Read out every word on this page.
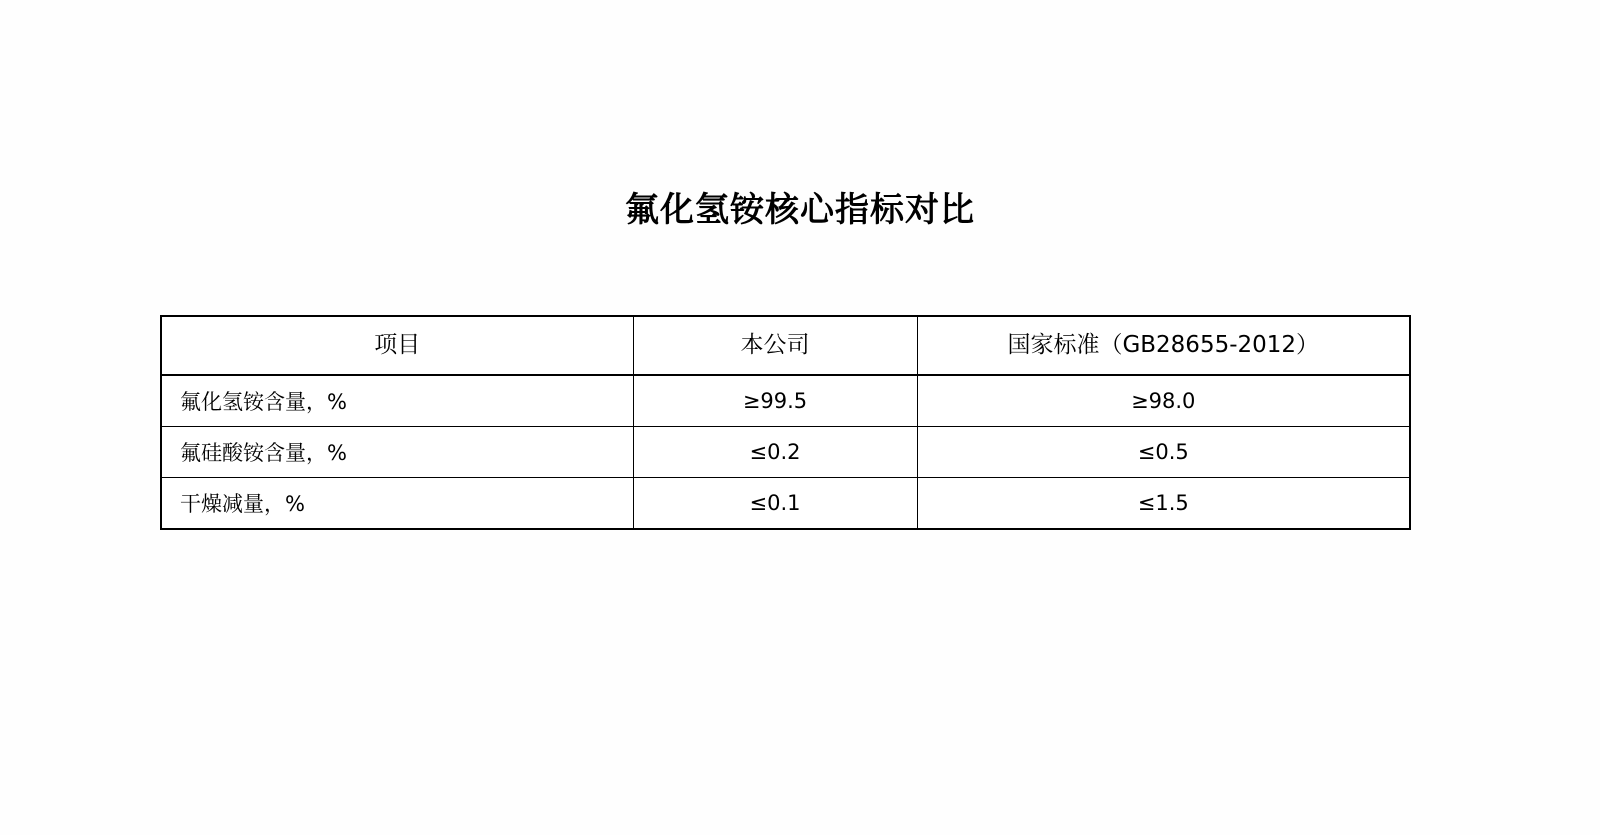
氟化氢铵核心指标对比
项目	本公司	国家标准（GB28655-2012）

氟化氢铵含量，%	≥99.5	≥98.0
氟硅酸铵含量，%	≤0.2	≤0.5
干燥减量，%	≤0.1	≤1.5
